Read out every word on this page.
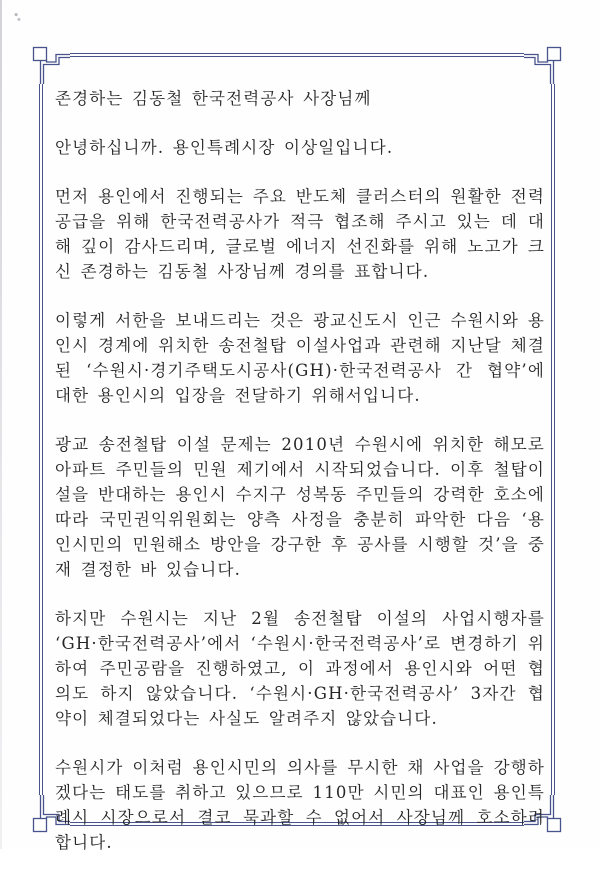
존경하는 김동철 한국전력공사 사장님께

안녕하십니까. 용인특례시장 이상일입니다.

먼저 용인에서 진행되는 주요 반도체 클러스터의 원활한 전력공급을 위해 한국전력공사가 적극 협조해 주시고 있는 데 대해 깊이 감사드리며, 글로벌 에너지 선진화를 위해 노고가 크신 존경하는 김동철 사장님께 경의를 표합니다.

이렇게 서한을 보내드리는 것은 광교신도시 인근 수원시와 용인시 경계에 위치한 송전철탑 이설사업과 관련해 지난달 체결된 ‘수원시·경기주택도시공사(GH)·한국전력공사 간 협약’에 대한 용인시의 입장을 전달하기 위해서입니다.

광교 송전철탑 이설 문제는 2010년 수원시에 위치한 해모로아파트 주민들의 민원 제기에서 시작되었습니다. 이후 철탑이설을 반대하는 용인시 수지구 성복동 주민들의 강력한 호소에 따라 국민권익위원회는 양측 사정을 충분히 파악한 다음 ‘용인시민의 민원해소 방안을 강구한 후 공사를 시행할 것’을 중재 결정한 바 있습니다.

하지만 수원시는 지난 2월 송전철탑 이설의 사업시행자를 ‘GH·한국전력공사’에서 ‘수원시·한국전력공사’로 변경하기 위하여 주민공람을 진행하였고, 이 과정에서 용인시와 어떤 협의도 하지 않았습니다. ‘수원시·GH·한국전력공사’ 3자간 협약이 체결되었다는 사실도 알려주지 않았습니다.

수원시가 이처럼 용인시민의 의사를 무시한 채 사업을 강행하겠다는 태도를 취하고 있으므로 110만 시민의 대표인 용인특례시 시장으로서 결코 묵과할 수 없어서 사장님께 호소하려 합니다.
